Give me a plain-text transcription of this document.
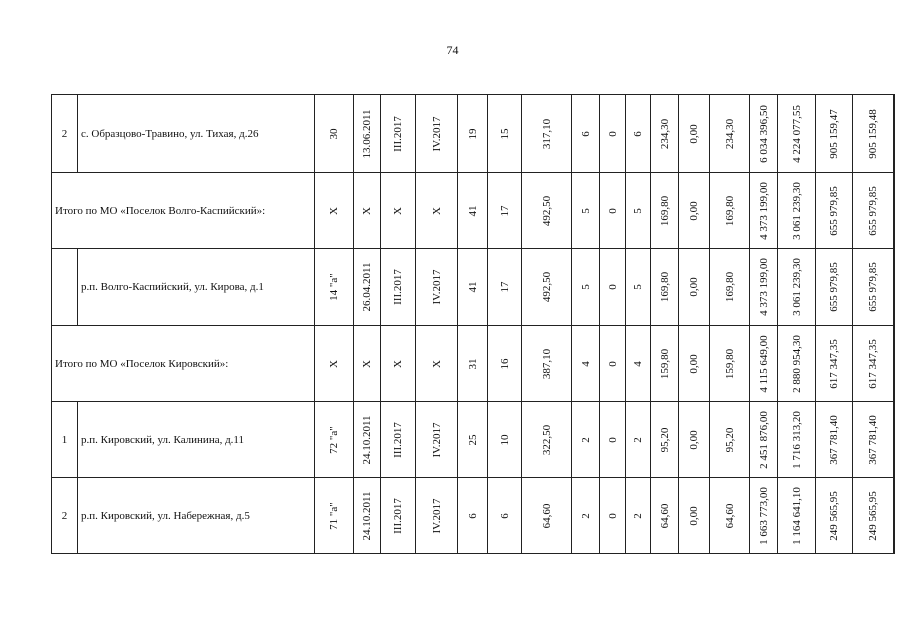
74
2	с. Образцово-Травино, ул. Тихая, д.26	30	13.06.2011	III.2017	IV.2017	19	15	317,10	6	0	6	234,30	0,00	234,30	6 034 396,50	4 224 077,55	905 159,47	905 159,48

Итого по МО «Поселок Волго-Каспийский»:		X	X	X	X	41	17	492,50	5	0	5	169,80	0,00	169,80	4 373 199,00	3 061 239,30	655 979,85	655 979,85

	р.п. Волго-Каспийский, ул. Кирова, д.1	14 "а"	26.04.2011	III.2017	IV.2017	41	17	492,50	5	0	5	169,80	0,00	169,80	4 373 199,00	3 061 239,30	655 979,85	655 979,85

Итого по МО «Поселок Кировский»:		X	X	X	X	31	16	387,10	4	0	4	159,80	0,00	159,80	4 115 649,00	2 880 954,30	617 347,35	617 347,35

1	р.п. Кировский, ул. Калинина, д.11	72 "а"	24.10.2011	III.2017	IV.2017	25	10	322,50	2	0	2	95,20	0,00	95,20	2 451 876,00	1 716 313,20	367 781,40	367 781,40

2	р.п. Кировский, ул. Набережная, д.5	71 "а"	24.10.2011	III.2017	IV.2017	6	6	64,60	2	0	2	64,60	0,00	64,60	1 663 773,00	1 164 641,10	249 565,95	249 565,95
